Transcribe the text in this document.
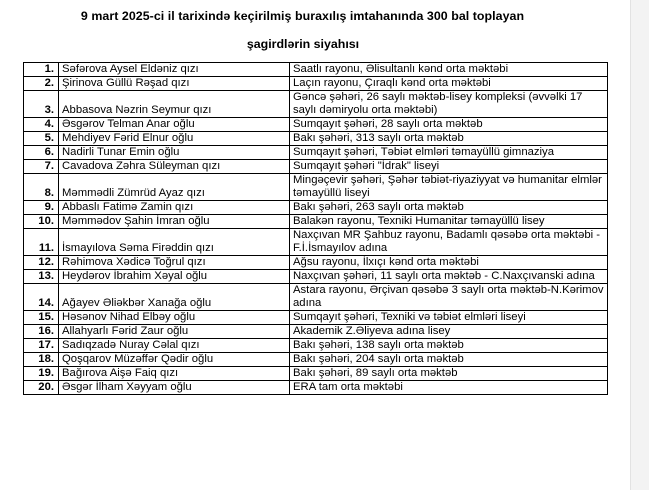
9 mart 2025-ci il tarixində keçirilmiş buraxılış imtahanında 300 bal toplayan
şagirdlərin siyahısı
1.	Səfərova Aysel Eldəniz qızı	Saatlı rayonu, Əlisultanlı kənd orta məktəbi
2.	Şirinova Güllü Rəşad qızı	Laçın rayonu, Çıraqlı kənd orta məktəbi
3.	Abbasova Nəzrin Seymur qızı	Gəncə şəhəri, 26 saylı məktəb-lisey kompleksi (əvvəlki 17 saylı dəmiryolu orta məktəbi)
4.	Əsgərov Telman Anar oğlu	Sumqayıt şəhəri, 28 saylı orta məktəb
5.	Mehdiyev Fərid Elnur oğlu	Bakı şəhəri, 313 saylı orta məktəb
6.	Nadirli Tunar Emin oğlu	Sumqayıt şəhəri, Təbiət elmləri təmayüllü gimnaziya
7.	Cavadova Zəhra Süleyman qızı	Sumqayıt şəhəri "İdrak" liseyi
8.	Məmmədli Zümrüd Ayaz qızı	Mingəçevir şəhəri, Şəhər təbiət-riyaziyyat və humanitar elmlər təmayüllü liseyi
9.	Abbaslı Fatimə Zamin qızı	Bakı şəhəri, 263 saylı orta məktəb
10.	Məmmədov Şahin İmran oğlu	Balakən rayonu, Texniki Humanitar təmayüllü lisey
11.	İsmayılova Səma Firəddin qızı	Naxçıvan MR Şahbuz rayonu, Badamlı qəsəbə orta məktəbi - F.İ.İsmayılov adına
12.	Rəhimova Xədicə Toğrul qızı	Ağsu rayonu, İlxıçı kənd orta məktəbi
13.	Heydərov İbrahim Xəyal oğlu	Naxçıvan şəhəri, 11 saylı orta məktəb - C.Naxçıvanski adına
14.	Ağayev Əliəkbər Xanağa oğlu	Astara rayonu, Ərçivan qəsəbə 3 saylı orta məktəb-N.Kərimov adına
15.	Həsənov Nihad Elbəy oğlu	Sumqayıt şəhəri, Texniki və təbiət elmləri liseyi
16.	Allahyarlı Fərid Zaur oğlu	Akademik Z.Əliyeva adına lisey
17.	Sadıqzadə Nuray Cəlal qızı	Bakı şəhəri, 138 saylı orta məktəb
18.	Qoşqarov Müzəffər Qədir oğlu	Bakı şəhəri, 204 saylı orta məktəb
19.	Bağırova Aişə Faiq qızı	Bakı şəhəri, 89 saylı orta məktəb
20.	Əsgər İlham Xəyyam oğlu	ERA tam orta məktəbi
